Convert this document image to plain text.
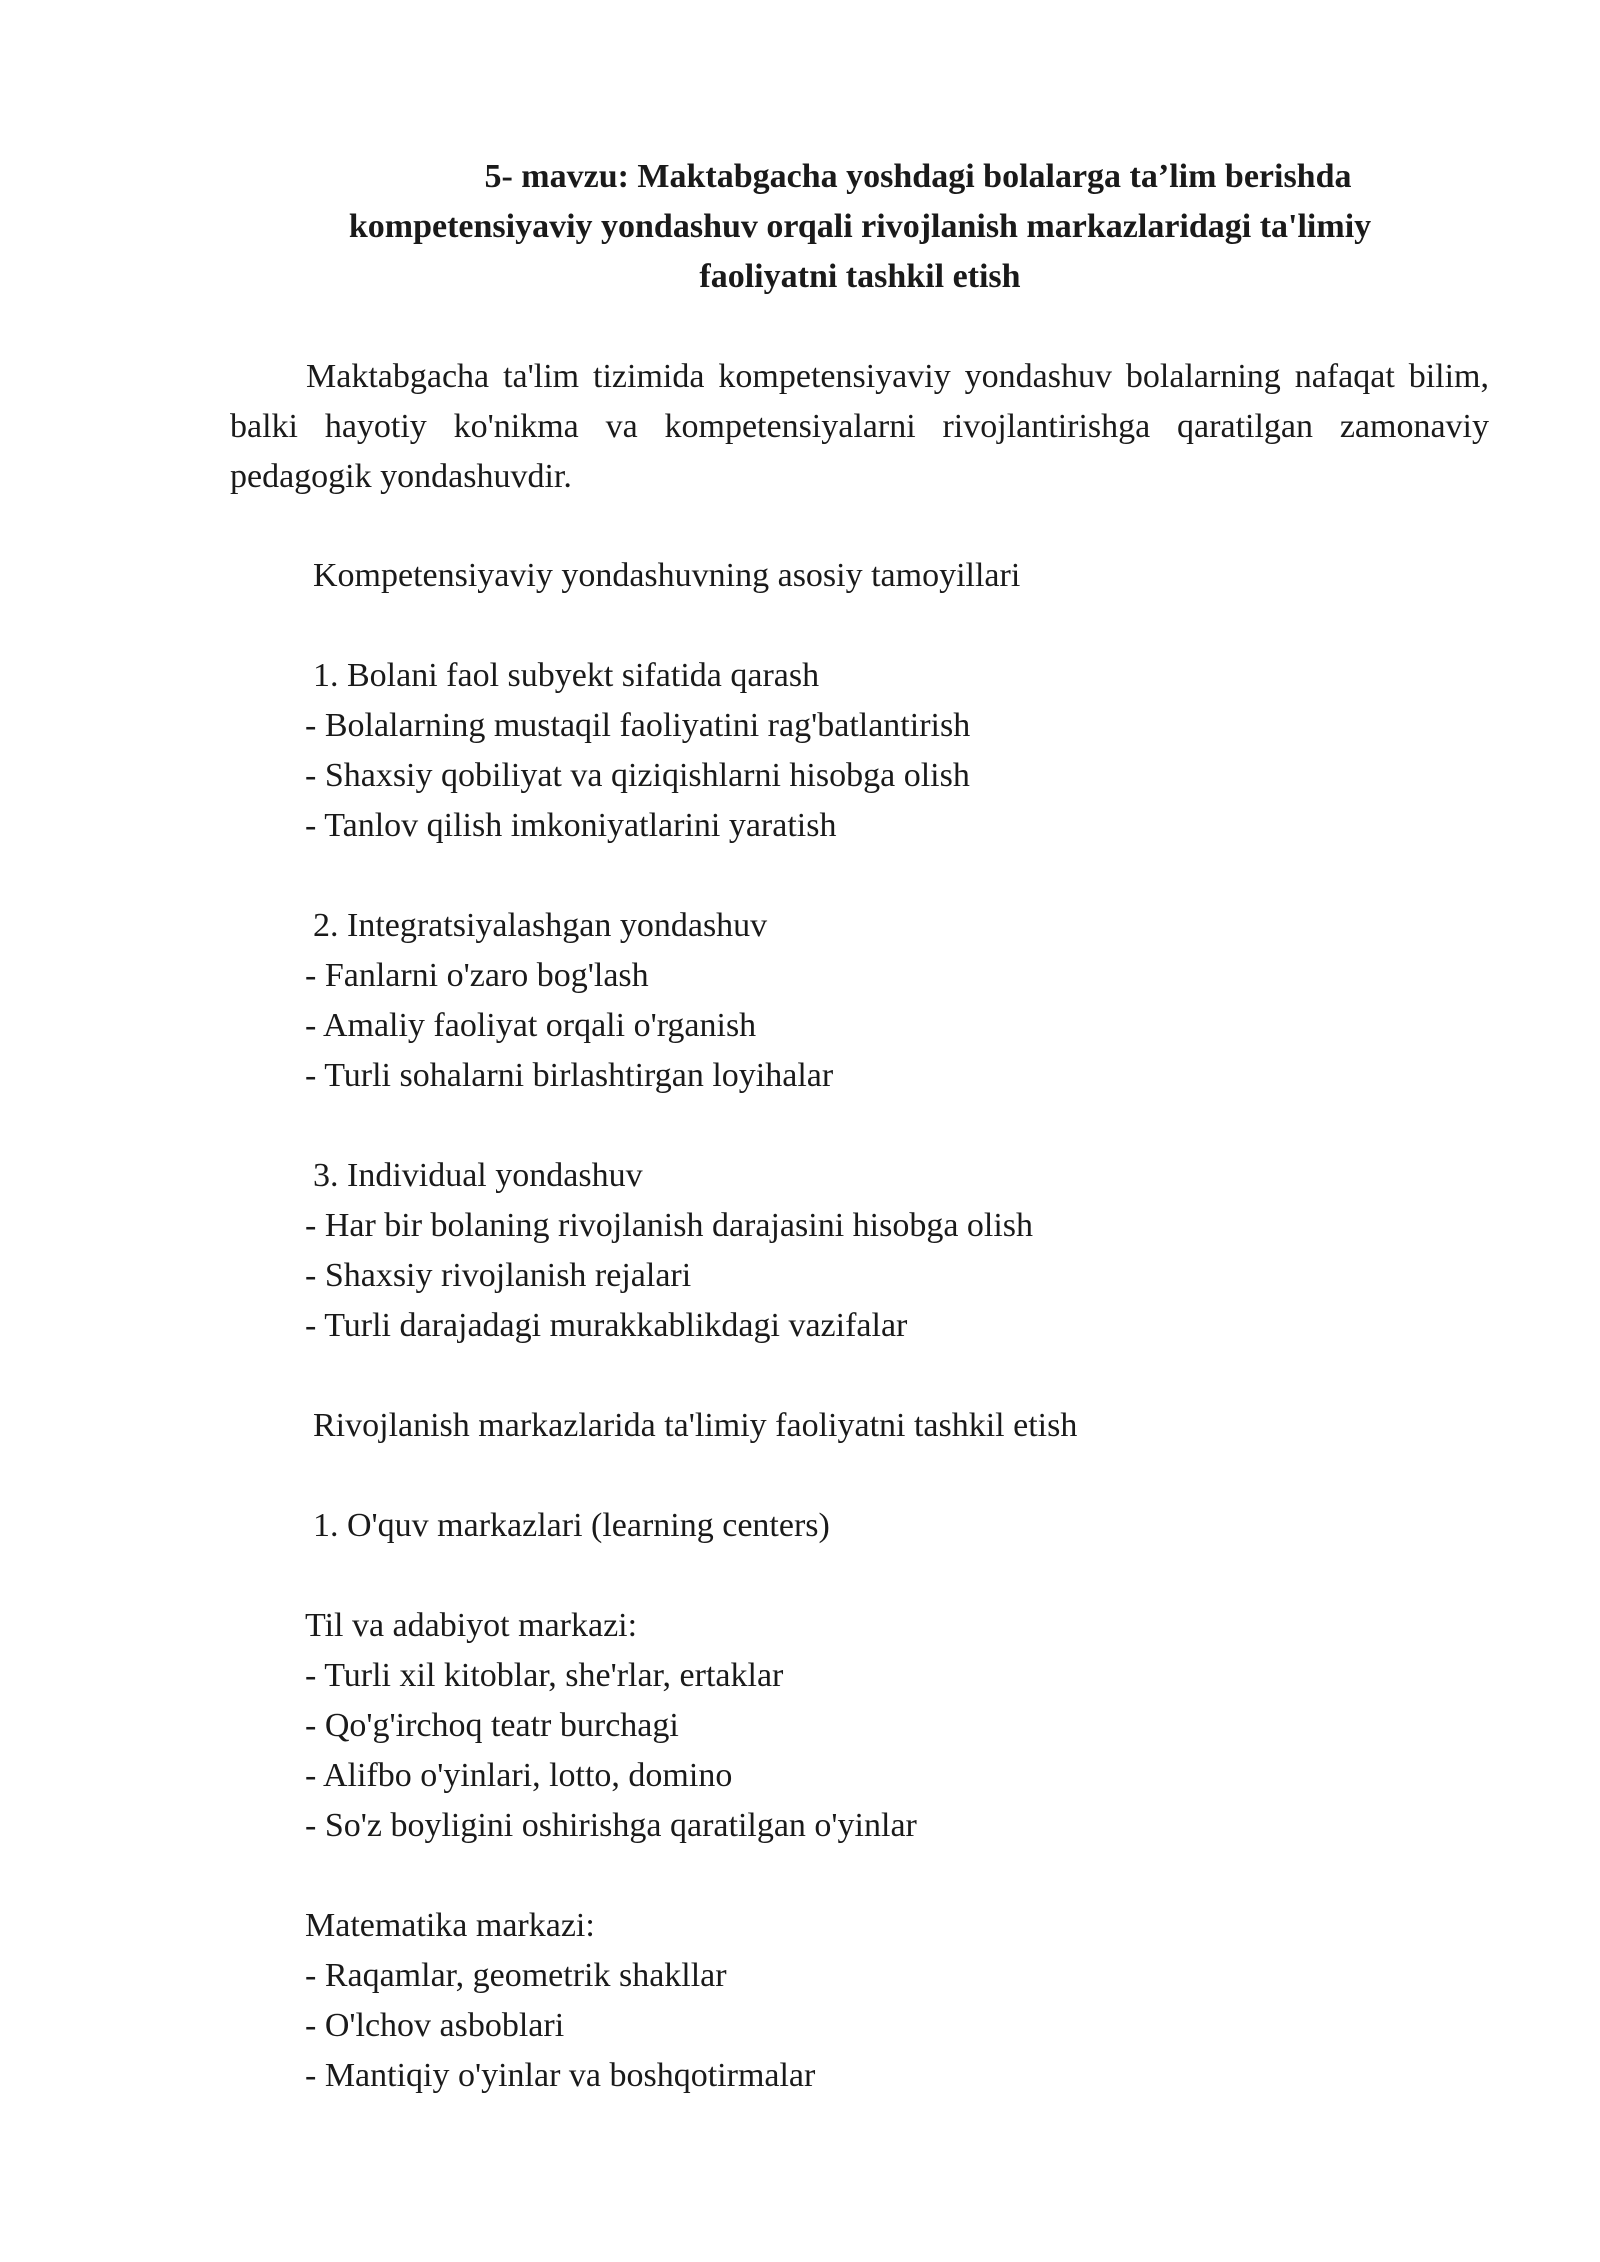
5- mavzu: Maktabgacha yoshdagi bolalarga ta’lim berishda
kompetensiyaviy yondashuv orqali rivojlanish markazlaridagi ta'limiy
faoliyatni tashkil etish
Maktabgacha ta'lim tizimida kompetensiyaviy yondashuv bolalarning nafaqat bilim, balki hayotiy ko'nikma va kompetensiyalarni rivojlantirishga qaratilgan zamonaviy pedagogik yondashuvdir.
Kompetensiyaviy yondashuvning asosiy tamoyillari
1. Bolani faol subyekt sifatida qarash
- Bolalarning mustaqil faoliyatini rag'batlantirish
- Shaxsiy qobiliyat va qiziqishlarni hisobga olish
- Tanlov qilish imkoniyatlarini yaratish
2. Integratsiyalashgan yondashuv
- Fanlarni o'zaro bog'lash
- Amaliy faoliyat orqali o'rganish
- Turli sohalarni birlashtirgan loyihalar
3. Individual yondashuv
- Har bir bolaning rivojlanish darajasini hisobga olish
- Shaxsiy rivojlanish rejalari
- Turli darajadagi murakkablikdagi vazifalar
Rivojlanish markazlarida ta'limiy faoliyatni tashkil etish
1. O'quv markazlari (learning centers)
Til va adabiyot markazi:
- Turli xil kitoblar, she'rlar, ertaklar
- Qo'g'irchoq teatr burchagi
- Alifbo o'yinlari, lotto, domino
- So'z boyligini oshirishga qaratilgan o'yinlar
Matematika markazi:
- Raqamlar, geometrik shakllar
- O'lchov asboblari
- Mantiqiy o'yinlar va boshqotirmalar
